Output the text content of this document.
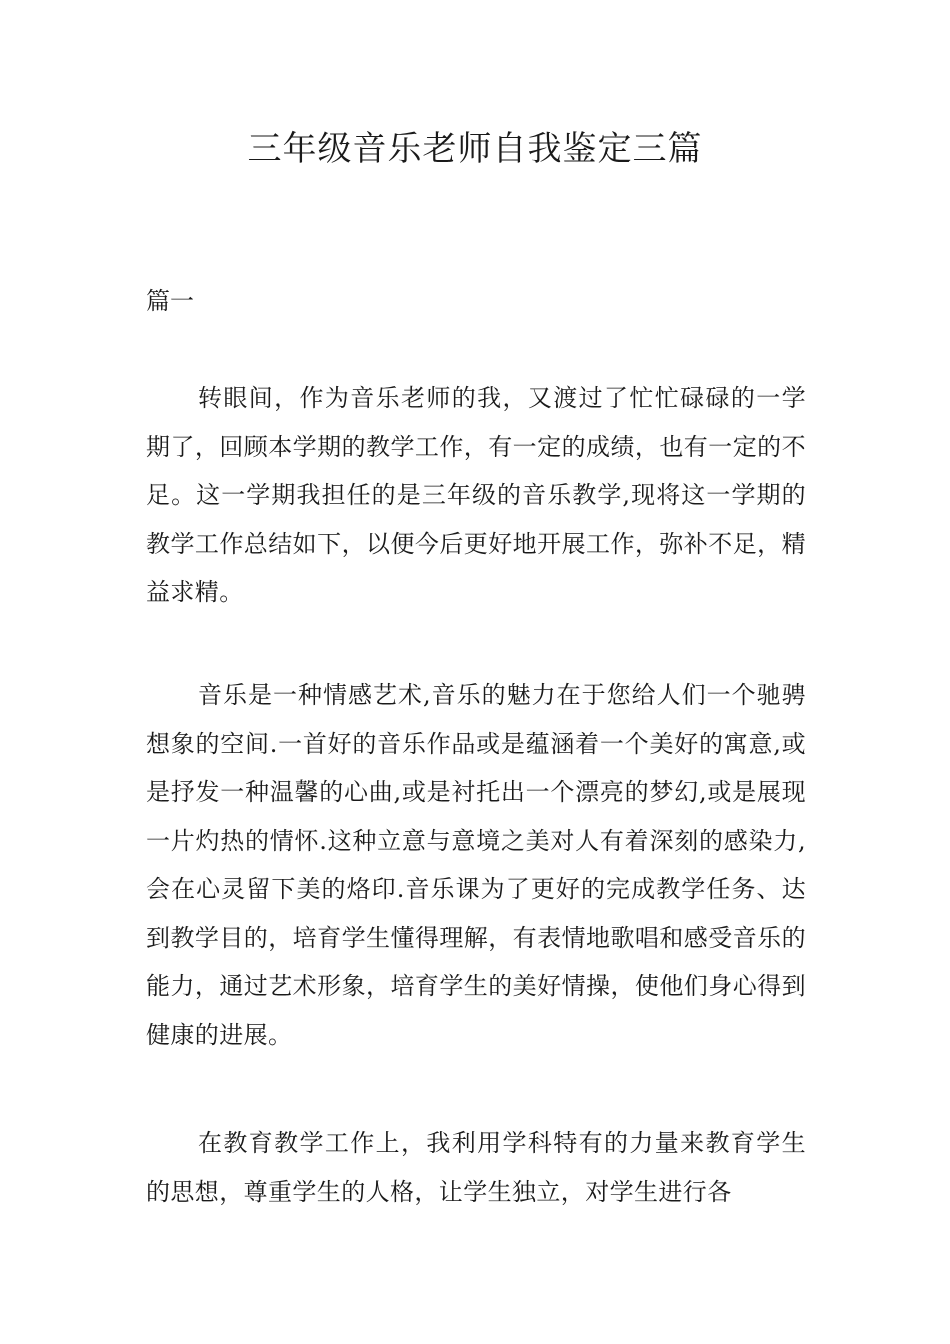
三年级音乐老师自我鉴定三篇

篇一

转眼间，作为音乐老师的我，又渡过了忙忙碌碌的一学期了，回顾本学期的教学工作，有一定的成绩，也有一定的不足。这一学期我担任的是三年级的音乐教学,现将这一学期的教学工作总结如下，以便今后更好地开展工作，弥补不足，精益求精。

音乐是一种情感艺术,音乐的魅力在于您给人们一个驰骋想象的空间.一首好的音乐作品或是蕴涵着一个美好的寓意,或是抒发一种温馨的心曲,或是衬托出一个漂亮的梦幻,或是展现一片灼热的情怀.这种立意与意境之美对人有着深刻的感染力,会在心灵留下美的烙印.音乐课为了更好的完成教学任务、达到教学目的，培育学生懂得理解，有表情地歌唱和感受音乐的能力，通过艺术形象，培育学生的美好情操，使他们身心得到健康的进展。

在教育教学工作上，我利用学科特有的力量来教育学生的思想，尊重学生的人格，让学生独立，对学生进行各
